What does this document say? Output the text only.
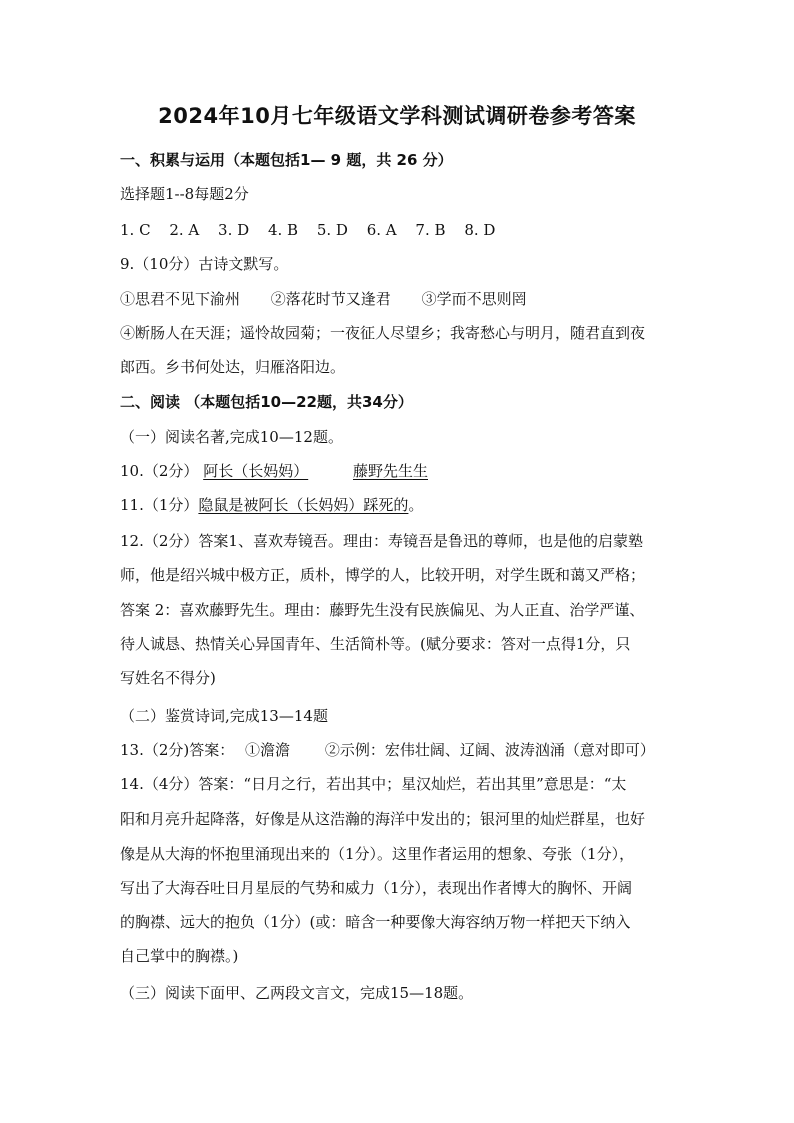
2024年10月七年级语文学科测试调研卷参考答案
一、积累与运用（本题包括1— 9 题，共 26 分）
选择题1--8每题2分
1. C 2. A 3. D 4. B 5. D 6. A 7. B 8. D
9.（10分）古诗文默写。
①思君不见下渝州 ②落花时节又逢君 ③学而不思则罔
④断肠人在天涯；遥怜故园菊；一夜征人尽望乡；我寄愁心与明月，随君直到夜
郎西。乡书何处达，归雁洛阳边。
二、阅读 （本题包括10—22题，共34分）
（一）阅读名著,完成10—12题。
10.（2分） 阿长（长妈妈）	藤野先生生
11.（1分）隐鼠是被阿长（长妈妈）踩死的。
12.（2分）答案1、喜欢寿镜吾。理由：寿镜吾是鲁迅的尊师，也是他的启蒙塾
师，他是绍兴城中极方正，质朴，博学的人，比较开明，对学生既和蔼又严格；
答案 2：喜欢藤野先生。理由：藤野先生没有民族偏见、为人正直、治学严谨、
待人诚恳、热情关心异国青年、生活简朴等。(赋分要求：答对一点得1分，只
写姓名不得分)
（二）鉴赏诗词,完成13—14题
13.（2分)答案： ①澹澹 ②示例：宏伟壮阔、辽阔、波涛汹涌（意对即可）
14.（4分）答案：“日月之行，若出其中；星汉灿烂，若出其里”意思是：“太
阳和月亮升起降落，好像是从这浩瀚的海洋中发出的；银河里的灿烂群星，也好
像是从大海的怀抱里涌现出来的（1分）。这里作者运用的想象、夸张（1分），
写出了大海吞吐日月星辰的气势和威力（1分），表现出作者博大的胸怀、开阔
的胸襟、远大的抱负（1分）(或：暗含一种要像大海容纳万物一样把天下纳入
自己掌中的胸襟。)
（三）阅读下面甲、乙两段文言文，完成15—18题。
